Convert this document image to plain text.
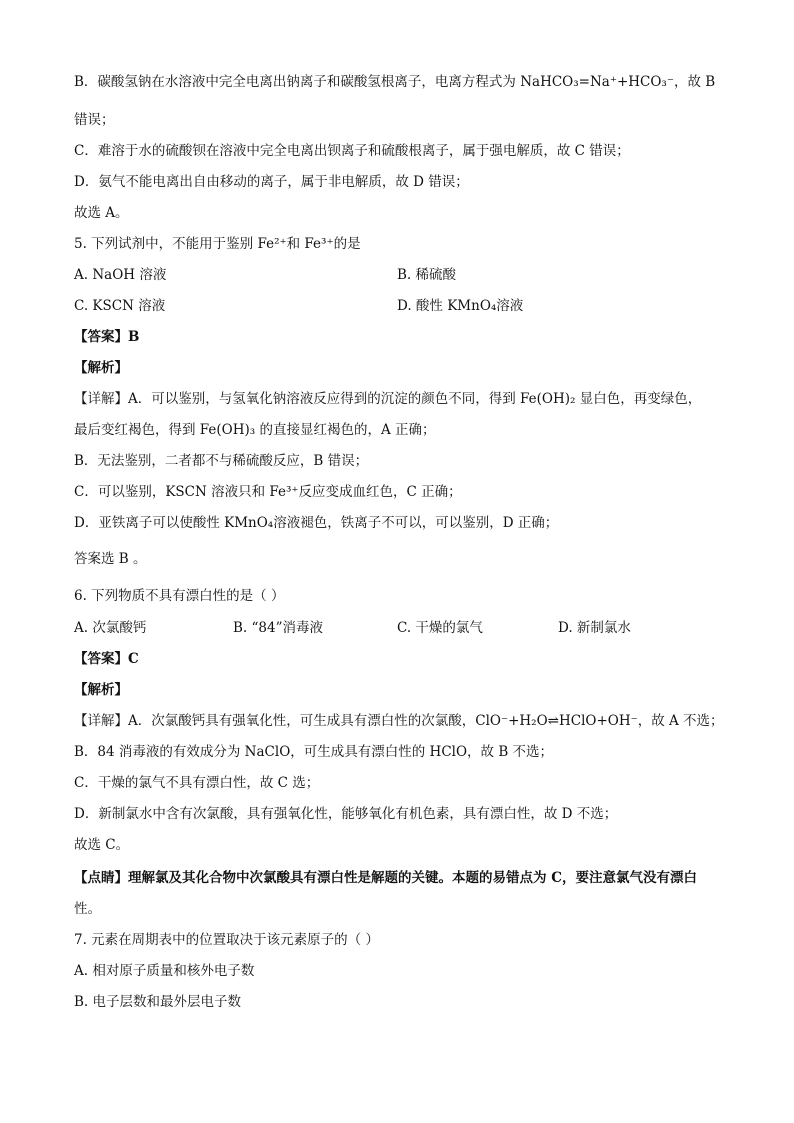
B．碳酸氢钠在水溶液中完全电离出钠离子和碳酸氢根离子，电离方程式为 NaHCO₃=Na⁺+HCO₃⁻，故 B
错误；
C．难溶于水的硫酸钡在溶液中完全电离出钡离子和硫酸根离子，属于强电解质，故 C 错误；
D．氨气不能电离出自由移动的离子，属于非电解质，故 D 错误；
故选 A。
5. 下列试剂中，不能用于鉴别 Fe²⁺和 Fe³⁺的是
A. NaOH 溶液	B. 稀硫酸
C. KSCN 溶液	D. 酸性 KMnO₄溶液
【答案】B
【解析】
【详解】A．可以鉴别，与氢氧化钠溶液反应得到的沉淀的颜色不同，得到 Fe(OH)₂ 显白色，再变绿色，
最后变红褐色，得到 Fe(OH)₃ 的直接显红褐色的，A 正确；
B．无法鉴别，二者都不与稀硫酸反应，B 错误；
C．可以鉴别，KSCN 溶液只和 Fe³⁺反应变成血红色，C 正确；
D．亚铁离子可以使酸性 KMnO₄溶液褪色，铁离子不可以，可以鉴别，D 正确；
答案选 B 。
6. 下列物质不具有漂白性的是（ ）
A. 次氯酸钙	B. “84”消毒液	C. 干燥的氯气	D. 新制氯水
【答案】C
【解析】
【详解】A．次氯酸钙具有强氧化性，可生成具有漂白性的次氯酸，ClO⁻+H₂O⇌HClO+OH⁻，故 A 不选；
B．84 消毒液的有效成分为 NaClO，可生成具有漂白性的 HClO，故 B 不选；
C．干燥的氯气不具有漂白性，故 C 选；
D．新制氯水中含有次氯酸，具有强氧化性，能够氧化有机色素，具有漂白性，故 D 不选；
故选 C。
【点睛】理解氯及其化合物中次氯酸具有漂白性是解题的关键。本题的易错点为 C，要注意氯气没有漂白
性。
7. 元素在周期表中的位置取决于该元素原子的（ ）
A. 相对原子质量和核外电子数
B. 电子层数和最外层电子数
